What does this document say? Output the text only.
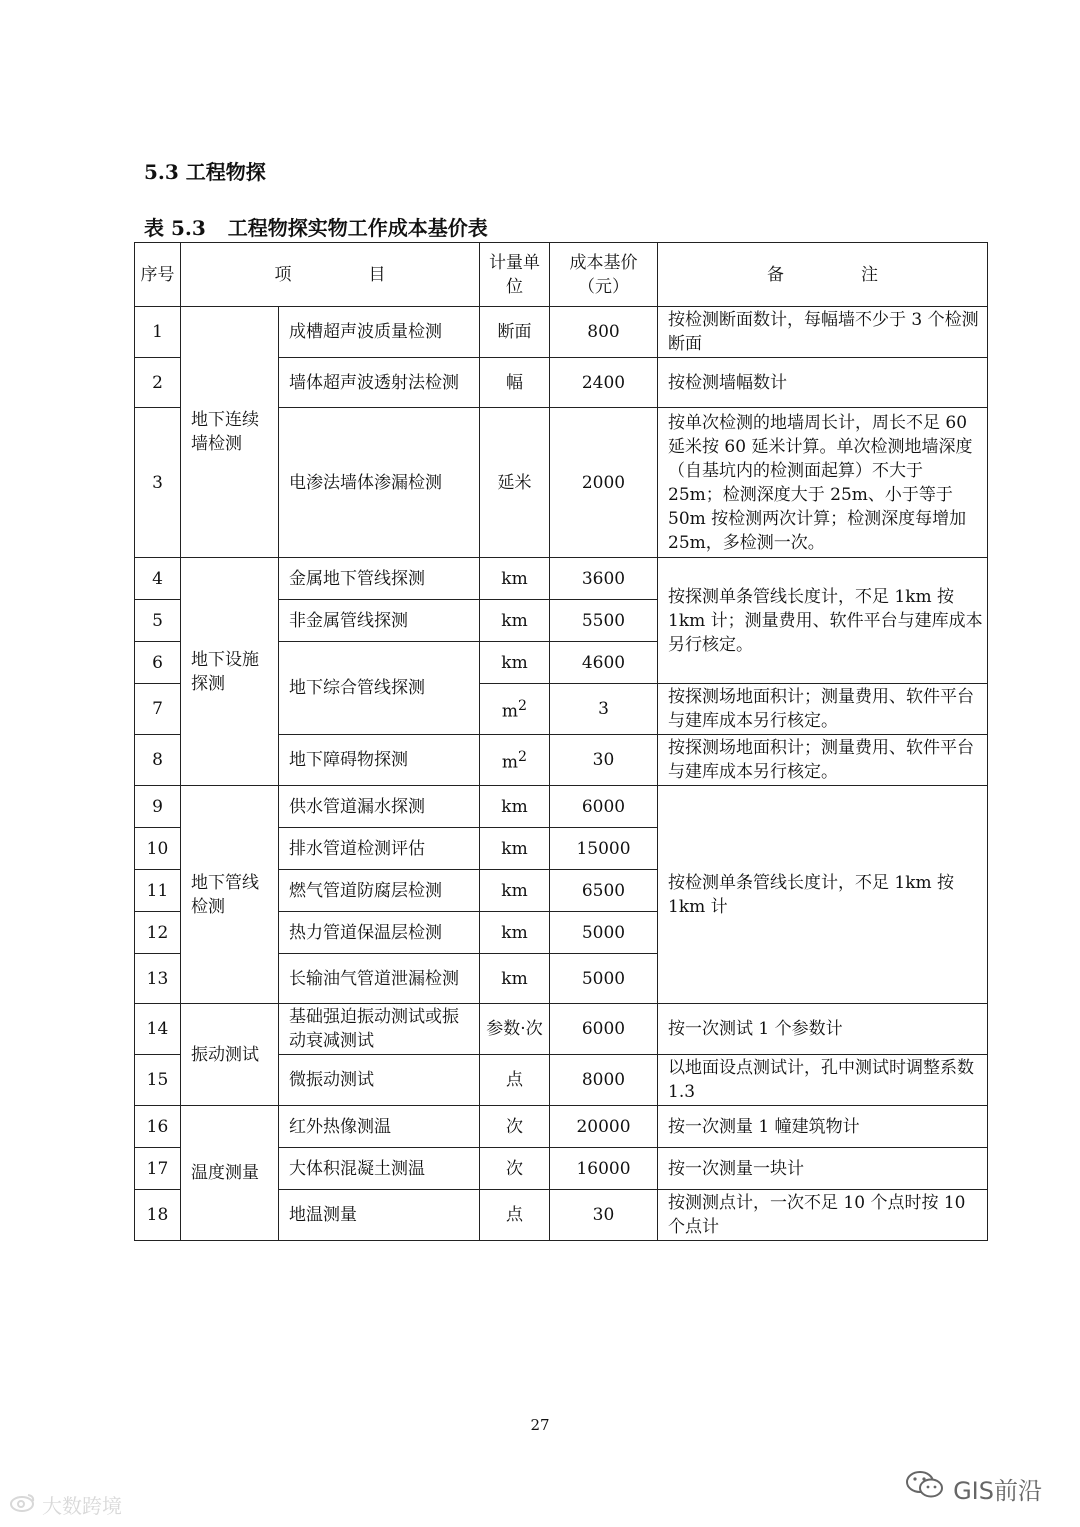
5.3 工程物探
表 5.3 工程物探实物工作成本基价表
序号	项　目		计量单位	成本基价（元）	备　注
1	地下连续墙检测	成槽超声波质量检测	断面	800	按检测断面数计，每幅墙不少于 3 个检测断面
2		墙体超声波透射法检测	幅	2400	按检测墙幅数计
3		电渗法墙体渗漏检测	延米	2000	按单次检测的地墙周长计，周长不足 60 延米按 60 延米计算。单次检测地墙深度（自基坑内的检测面起算）不大于 25m；检测深度大于 25m、小于等于 50m 按检测两次计算；检测深度每增加 25m，多检测一次。
4	地下设施探测	金属地下管线探测	km	3600	按探测单条管线长度计，不足 1km 按 1km 计；测量费用、软件平台与建库成本另行核定。
5		非金属管线探测	km	5500	
6		地下综合管线探测	km	4600	
7			$m^2$	3	按探测场地面积计；测量费用、软件平台与建库成本另行核定。
8		地下障碍物探测	$m^2$	30	按探测场地面积计；测量费用、软件平台与建库成本另行核定。
9	地下管线检测	供水管道漏水探测	km	6000	按检测单条管线长度计，不足 1km 按 1km 计
10		排水管道检测评估	km	15000	
11		燃气管道防腐层检测	km	6500	
12		热力管道保温层检测	km	5000	
13		长输油气管道泄漏检测	km	5000	
14	振动测试	基础强迫振动测试或振动衰减测试	参数·次	6000	按一次测试 1 个参数计
15		微振动测试	点	8000	以地面设点测试计，孔中测试时调整系数 1.3
16	温度测量	红外热像测温	次	20000	按一次测量 1 幢建筑物计
17		大体积混凝土测温	次	16000	按一次测量一块计
18		地温测量	点	30	按测测点计，一次不足 10 个点时按 10 个点计
27
大数跨境
GIS前沿
